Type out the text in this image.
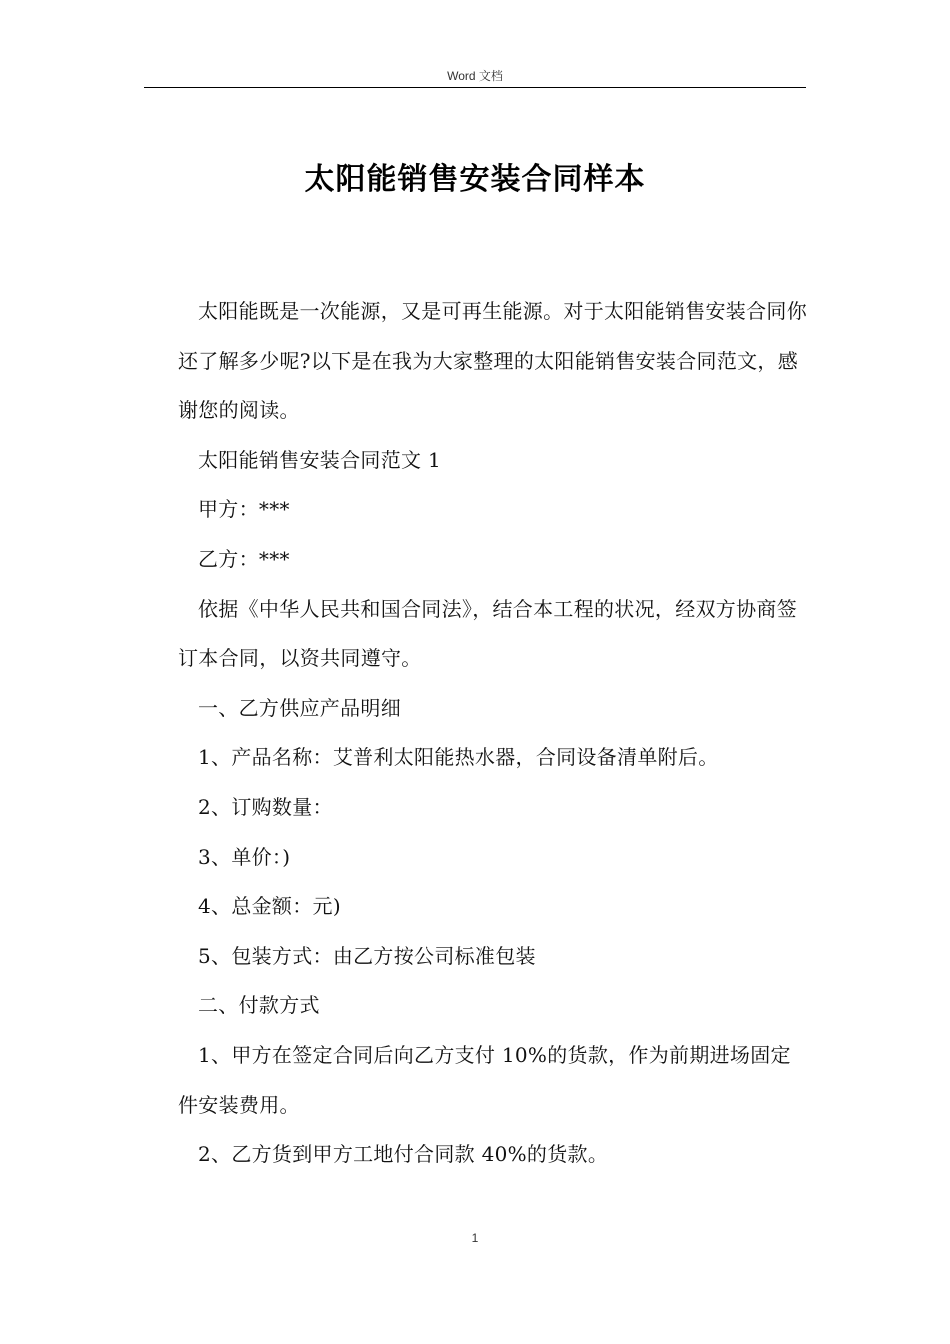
Word 文档
太阳能销售安装合同样本

太阳能既是一次能源，又是可再生能源。对于太阳能销售安装合同你还了解多少呢?以下是在我为大家整理的太阳能销售安装合同范文，感谢您的阅读。

太阳能销售安装合同范文 1

甲方：***

乙方：***

依据《中华人民共和国合同法》，结合本工程的状况，经双方协商签订本合同，以资共同遵守。

一、乙方供应产品明细

1、产品名称：艾普利太阳能热水器，合同设备清单附后。

2、订购数量：

3、单价：)

4、总金额：元)

5、包装方式：由乙方按公司标准包装

二、付款方式

1、甲方在签定合同后向乙方支付 10%的货款，作为前期进场固定件安装费用。

2、乙方货到甲方工地付合同款 40%的货款。

1
